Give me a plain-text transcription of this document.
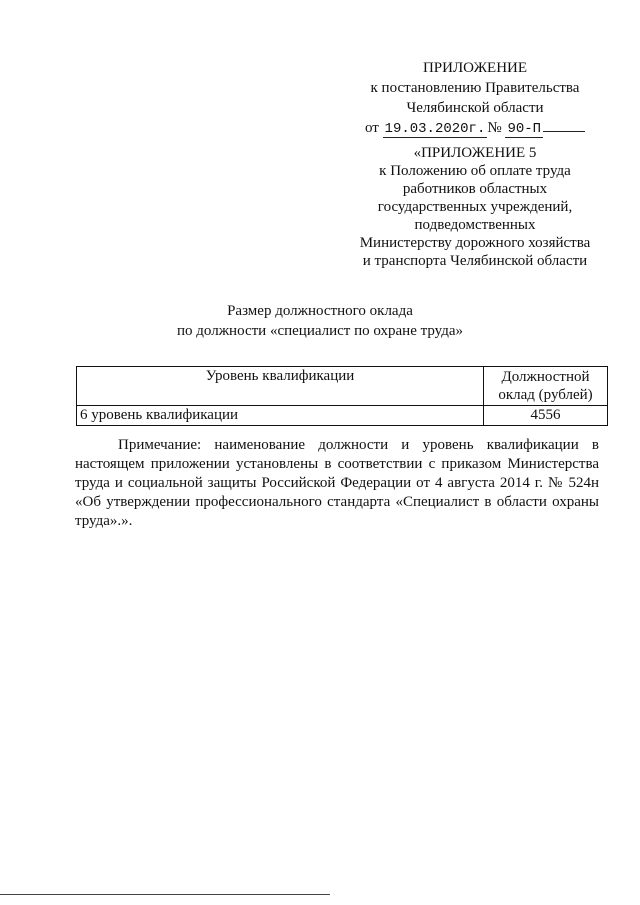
ПРИЛОЖЕНИЕ
к постановлению Правительства
Челябинской области
от 19.03.2020г. № 90-П
«ПРИЛОЖЕНИЕ 5
к Положению об оплате труда
работников областных
государственных учреждений,
подведомственных
Министерству дорожного хозяйства
и транспорта Челябинской области
Размер должностного оклада
по должности «специалист по охране труда»
Уровень квалификации	Должностной
оклад (рублей)

6 уровень квалификации	4556
Примечание: наименование должности и уровень квалификации в настоящем приложении установлены в соответствии с приказом Министерства труда и социальной защиты Российской Федерации от 4 августа 2014 г. № 524н «Об утверждении профессионального стандарта «Специалист в области охраны труда».».
